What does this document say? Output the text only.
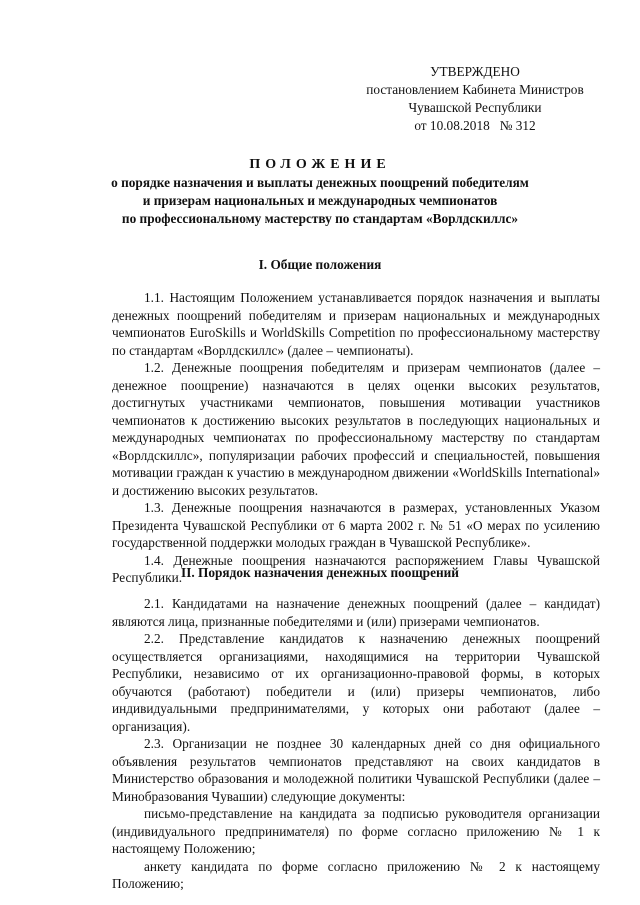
УТВЕРЖДЕНО
постановлением Кабинета Министров
Чувашской Республики
от 10.08.2018   № 312
ПОЛОЖЕНИЕ
о порядке назначения и выплаты денежных поощрений победителям
и призерам национальных и международных чемпионатов
по профессиональному мастерству по стандартам «Ворлдскиллс»
I. Общие положения

1.1. Настоящим Положением устанавливается порядок назначения и выплаты денежных поощрений победителям и призерам национальных и международных чемпионатов EuroSkills и WorldSkills Competition по профессиональному мастерству по стандартам «Ворлдскиллс» (далее – чемпионаты).

1.2. Денежные поощрения победителям и призерам чемпионатов (далее – денежное поощрение) назначаются в целях оценки высоких результатов, достигнутых участниками чемпионатов, повышения мотивации участников чемпионатов к достижению высоких результатов в последующих национальных и международных чемпионатах по профессиональному мастерству по стандартам «Ворлдскиллс», популяризации рабочих профессий и специальностей, повышения мотивации граждан к участию в международном движении «WorldSkills International» и достижению высоких результатов.

1.3. Денежные поощрения назначаются в размерах, установленных Указом Президента Чувашской Республики от 6 марта 2002 г. № 51 «О мерах по усилению государственной поддержки молодых граждан в Чувашской Республике».

1.4. Денежные поощрения назначаются распоряжением Главы Чувашской Республики. II. Порядок назначения денежных поощрений

2.1. Кандидатами на назначение денежных поощрений (далее – кандидат) являются лица, признанные победителями и (или) призерами чемпионатов.

2.2. Представление кандидатов к назначению денежных поощрений осуществляется организациями, находящимися на территории Чувашской Республики, независимо от их организационно-правовой формы, в которых обучаются (работают) победители и (или) призеры чемпионатов, либо индивидуальными предпринимателями, у которых они работают (далее – организация).

2.3. Организации не позднее 30 календарных дней со дня официального объявления результатов чемпионатов представляют на своих кандидатов в Министерство образования и молодежной политики Чувашской Республики (далее – Минобразования Чувашии) следующие документы:

письмо-представление на кандидата за подписью руководителя организации (индивидуального предпринимателя) по форме согласно приложению № 1 к настоящему Положению;

анкету кандидата по форме согласно приложению № 2 к настоящему Положению;
